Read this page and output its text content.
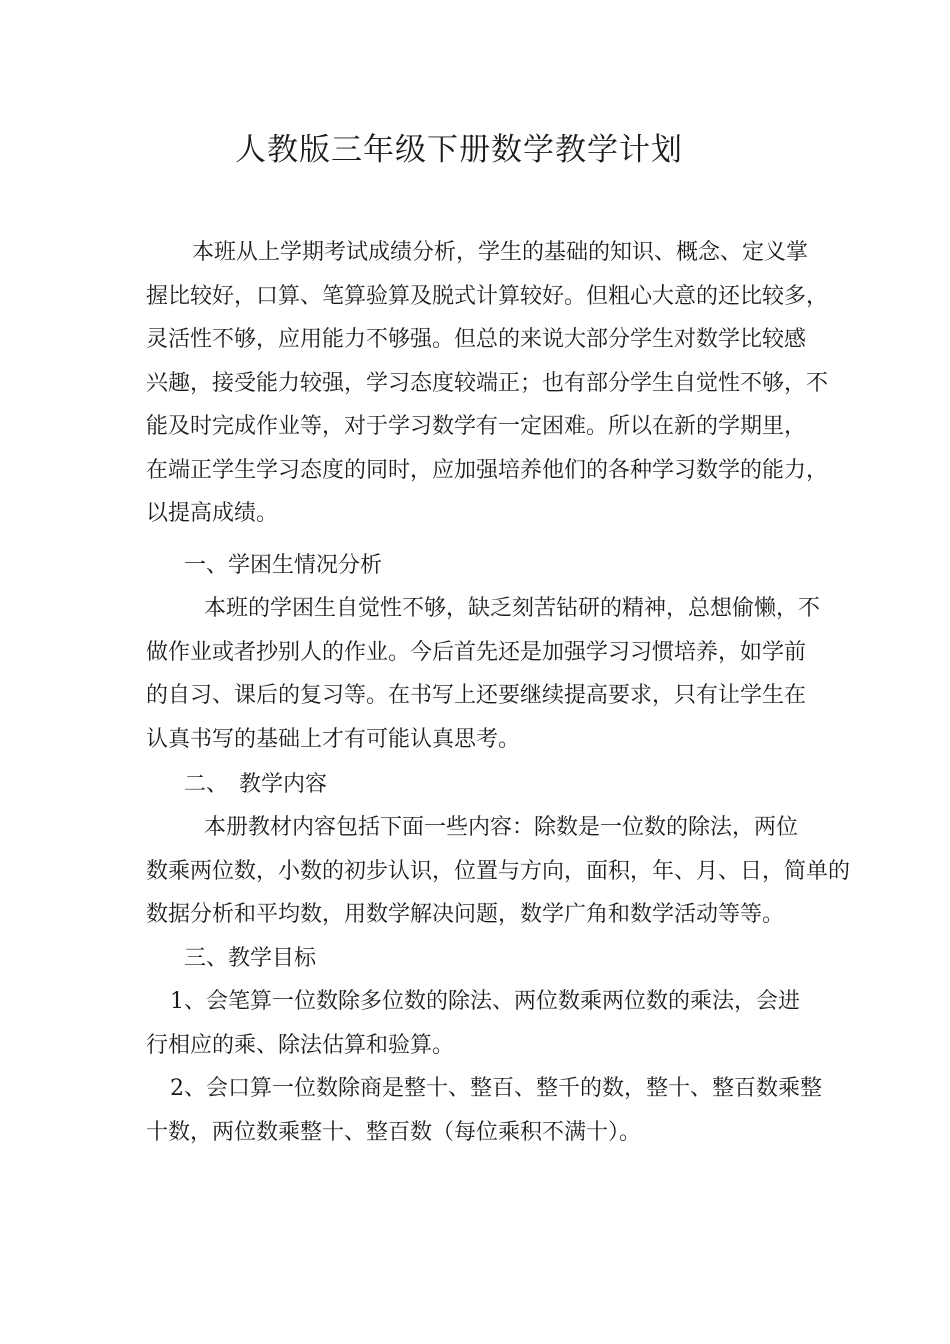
人教版三年级下册数学教学计划
本班从上学期考试成绩分析，学生的基础的知识、概念、定义掌
握比较好，口算、笔算验算及脱式计算较好。但粗心大意的还比较多，
灵活性不够，应用能力不够强。但总的来说大部分学生对数学比较感
兴趣，接受能力较强，学习态度较端正；也有部分学生自觉性不够，不
能及时完成作业等，对于学习数学有一定困难。所以在新的学期里，
在端正学生学习态度的同时，应加强培养他们的各种学习数学的能力，
以提高成绩。
一、学困生情况分析
本班的学困生自觉性不够，缺乏刻苦钻研的精神，总想偷懒，不
做作业或者抄别人的作业。今后首先还是加强学习习惯培养，如学前
的自习、课后的复习等。在书写上还要继续提高要求，只有让学生在
认真书写的基础上才有可能认真思考。
二、　教学内容
本册教材内容包括下面一些内容：除数是一位数的除法，两位
数乘两位数，小数的初步认识，位置与方向，面积，年、月、日，简单的
数据分析和平均数，用数学解决问题，数学广角和数学活动等等。
三、教学目标
1、会笔算一位数除多位数的除法、两位数乘两位数的乘法，会进
行相应的乘、除法估算和验算。
2、会口算一位数除商是整十、整百、整千的数，整十、整百数乘整
十数，两位数乘整十、整百数（每位乘积不满十）。
